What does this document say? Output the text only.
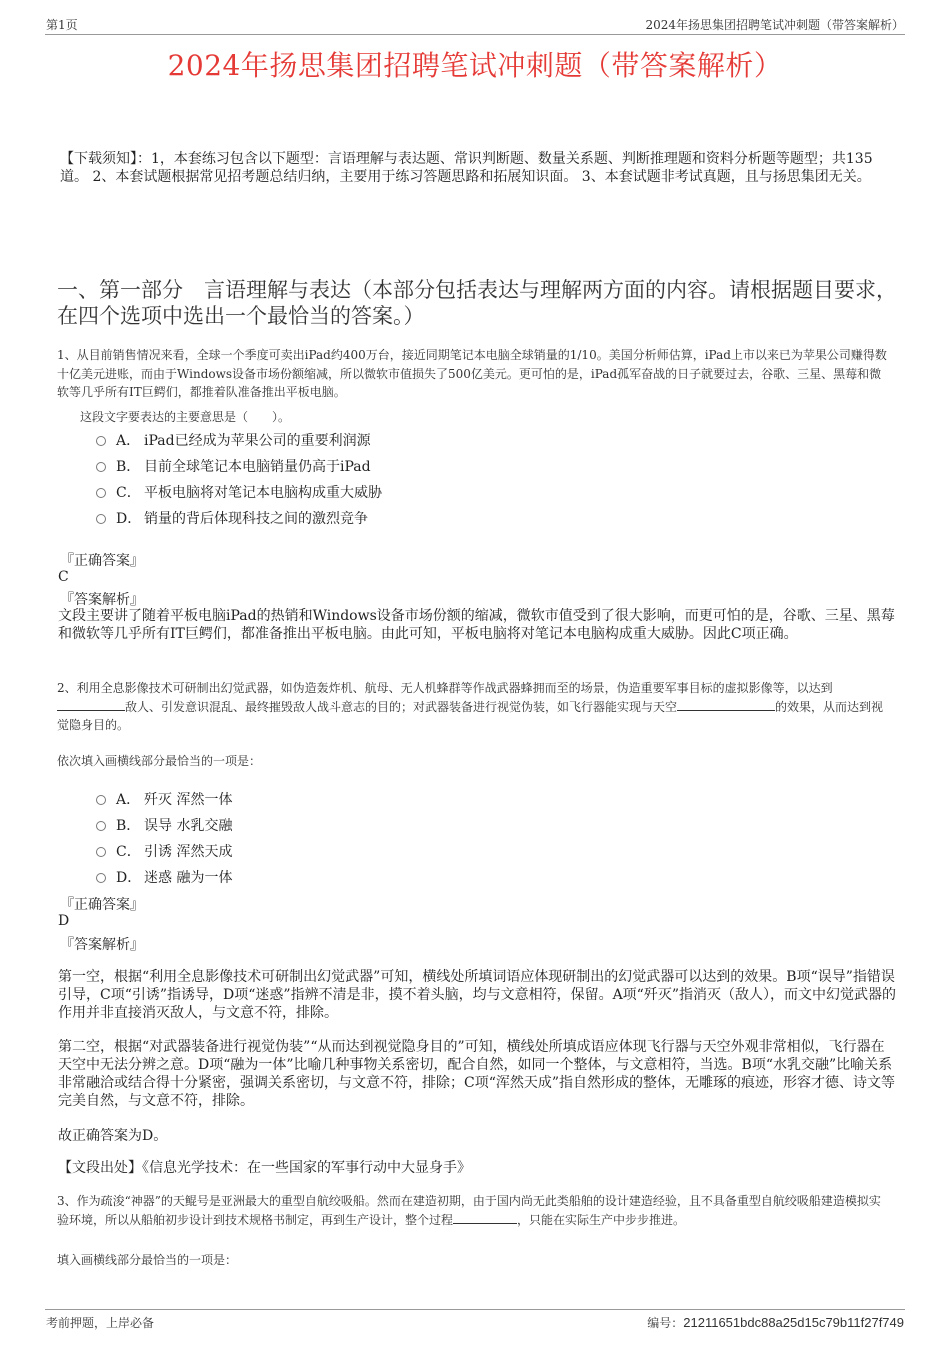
第1页	2024年扬思集团招聘笔试冲刺题（带答案解析）
2024年扬思集团招聘笔试冲刺题（带答案解析）
【下载须知】：1，本套练习包含以下题型：言语理解与表达题、常识判断题、数量关系题、判断推理题和资料分析题等题型；共135道。 2、本套试题根据常见招考题总结归纳，主要用于练习答题思路和拓展知识面。 3、本套试题非考试真题，且与扬思集团无关。
一、第一部分　言语理解与表达（本部分包括表达与理解两方面的内容。请根据题目要求，在四个选项中选出一个最恰当的答案。）
1、从目前销售情况来看，全球一个季度可卖出iPad约400万台，接近同期笔记本电脑全球销量的1/10。美国分析师估算，iPad上市以来已为苹果公司赚得数十亿美元进账，而由于Windows设备市场份额缩减，所以微软市值损失了500亿美元。更可怕的是，iPad孤军奋战的日子就要过去，谷歌、三星、黑莓和微软等几乎所有IT巨鳄们，都推着队准备推出平板电脑。
这段文字要表达的主要意思是（　　）。
A． iPad已经成为苹果公司的重要利润源
B． 目前全球笔记本电脑销量仍高于iPad
C． 平板电脑将对笔记本电脑构成重大威胁
D． 销量的背后体现科技之间的激烈竞争
『正确答案』
C
『答案解析』
文段主要讲了随着平板电脑iPad的热销和Windows设备市场份额的缩减，微软市值受到了很大影响，而更可怕的是，谷歌、三星、黑莓和微软等几乎所有IT巨鳄们，都准备推出平板电脑。由此可知，平板电脑将对笔记本电脑构成重大威胁。因此C项正确。
2、利用全息影像技术可研制出幻觉武器，如伪造轰炸机、航母、无人机蜂群等作战武器蜂拥而至的场景，伪造重要军事目标的虚拟影像等，以达到敌人、引发意识混乱、最终摧毁敌人战斗意志的目的；对武器装备进行视觉伪装，如飞行器能实现与天空	的效果，从而达到视觉隐身目的。
依次填入画横线部分最恰当的一项是：
A． 歼灭 浑然一体
B． 误导 水乳交融
C． 引诱 浑然天成
D． 迷惑 融为一体
『正确答案』
D
『答案解析』
第一空，根据“利用全息影像技术可研制出幻觉武器”可知，横线处所填词语应体现研制出的幻觉武器可以达到的效果。B项“误导”指错误引导，C项“引诱”指诱导，D项“迷惑”指辨不清是非，摸不着头脑，均与文意相符，保留。A项“歼灭”指消灭（敌人），而文中幻觉武器的作用并非直接消灭敌人，与文意不符，排除。
第二空，根据“对武器装备进行视觉伪装”“从而达到视觉隐身目的”可知，横线处所填成语应体现飞行器与天空外观非常相似，飞行器在天空中无法分辨之意。D项“融为一体”比喻几种事物关系密切，配合自然，如同一个整体，与文意相符，当选。B项“水乳交融”比喻关系非常融洽或结合得十分紧密，强调关系密切，与文意不符，排除；C项“浑然天成”指自然形成的整体，无雕琢的痕迹，形容才德、诗文等完美自然，与文意不符，排除。
故正确答案为D。
【文段出处】《信息光学技术：在一些国家的军事行动中大显身手》
3、作为疏浚“神器”的天鲲号是亚洲最大的重型自航绞吸船。然而在建造初期，由于国内尚无此类船舶的设计建造经验，且不具备重型自航绞吸船建造模拟实验环境，所以从船舶初步设计到技术规格书制定，再到生产设计，整个过程	，只能在实际生产中步步推进。
填入画横线部分最恰当的一项是：
考前押题，上岸必备	编号：21211651bdc88a25d15c79b11f27f749
